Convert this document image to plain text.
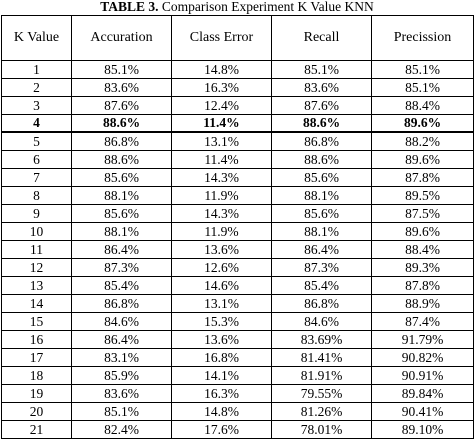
TABLE 3. Comparison Experiment K Value KNN
K Value	Accuration	Class Error	Recall	Precission
1	85.1%	14.8%	85.1%	85.1%
2	83.6%	16.3%	83.6%	85.1%
3	87.6%	12.4%	87.6%	88.4%
4	88.6%	11.4%	88.6%	89.6%
5	86.8%	13.1%	86.8%	88.2%
6	88.6%	11.4%	88.6%	89.6%
7	85.6%	14.3%	85.6%	87.8%
8	88.1%	11.9%	88.1%	89.5%
9	85.6%	14.3%	85.6%	87.5%
10	88.1%	11.9%	88.1%	89.6%
11	86.4%	13.6%	86.4%	88.4%
12	87.3%	12.6%	87.3%	89.3%
13	85.4%	14.6%	85.4%	87.8%
14	86.8%	13.1%	86.8%	88.9%
15	84.6%	15.3%	84.6%	87.4%
16	86.4%	13.6%	83.69%	91.79%
17	83.1%	16.8%	81.41%	90.82%
18	85.9%	14.1%	81.91%	90.91%
19	83.6%	16.3%	79.55%	89.84%
20	85.1%	14.8%	81.26%	90.41%
21	82.4%	17.6%	78.01%	89.10%
